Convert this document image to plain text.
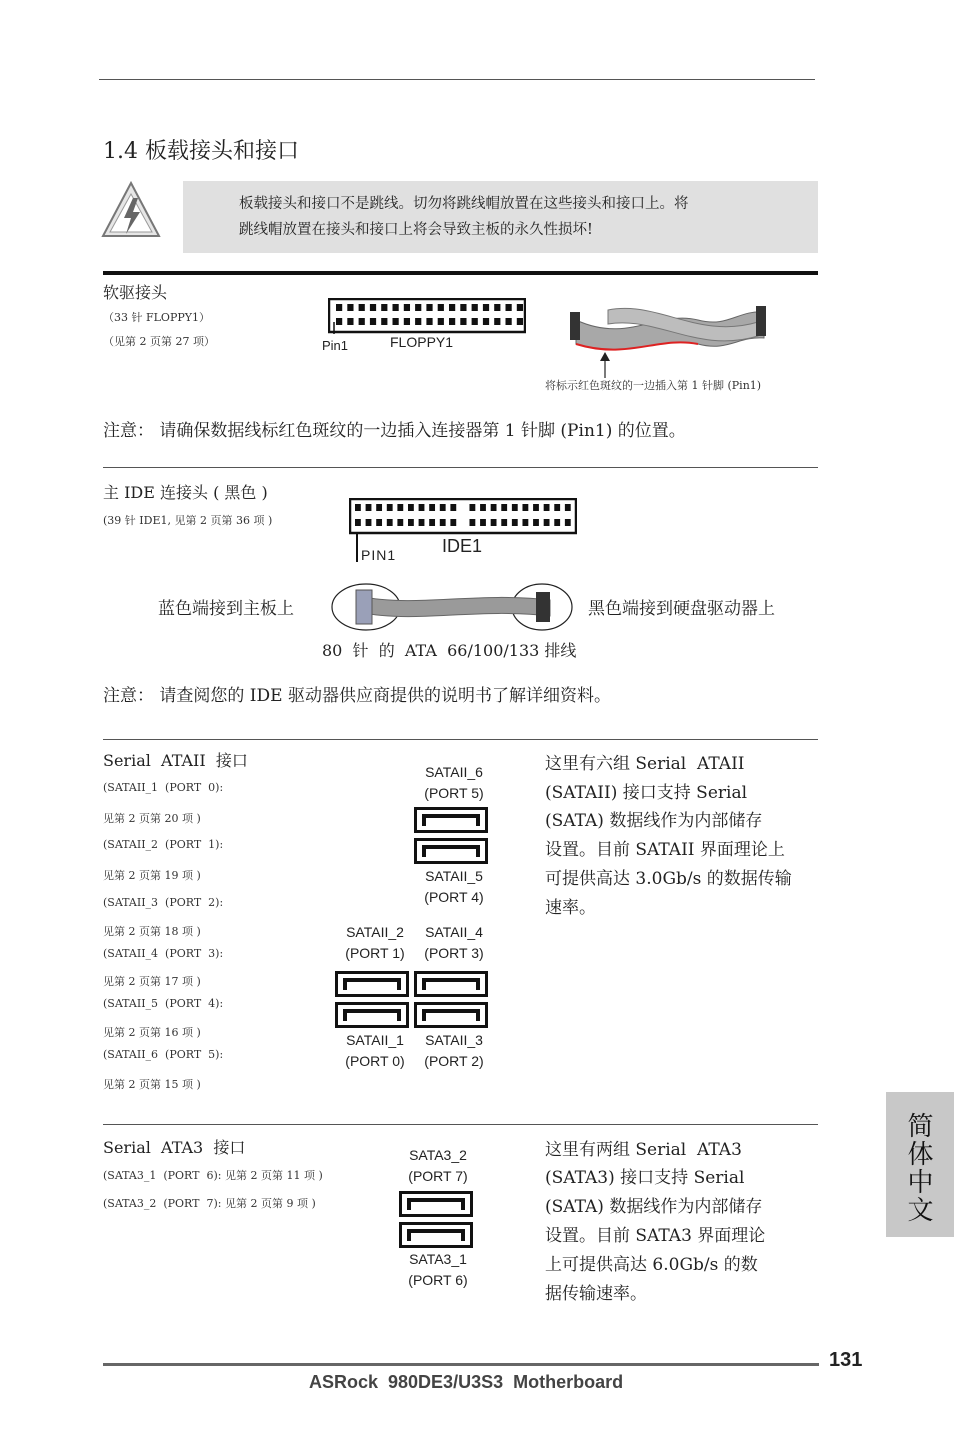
1.4 板载接头和接口
板载接头和接口不是跳线。切勿将跳线帽放置在这些接头和接口上。将
跳线帽放置在接头和接口上将会导致主板的永久性损坏!
软驱接头
（33 针 FLOPPY1）
（见第 2 页第 27 项）	Pin1	FLOPPY1
将标示红色斑纹的一边插入第 1 针脚 (Pin1)
注意： 请确保数据线标红色斑纹的一边插入连接器第 1 针脚 (Pin1) 的位置。
主 IDE 连接头 ( 黑色 )
(39 针 IDE1, 见第 2 页第 36 项 )
PIN1	IDE1
蓝色端接到主板上	黑色端接到硬盘驱动器上
80  针  的  ATA  66/100/133 排线
注意： 请查阅您的 IDE 驱动器供应商提供的说明书了解详细资料。
Serial  ATAII  接口
(SATAII_1  (PORT  0):
见第 2 页第 20 项 )
(SATAII_2  (PORT  1):
见第 2 页第 19 项 )
(SATAII_3  (PORT  2):
见第 2 页第 18 项 )
(SATAII_4  (PORT  3):
见第 2 页第 17 项 )
(SATAII_5  (PORT  4):
见第 2 页第 16 项 )
(SATAII_6  (PORT  5):
见第 2 页第 15 项 )
SATAII_6
(PORT 5)
SATAII_5
(PORT 4)
SATAII_2
(PORT 1)
SATAII_4
(PORT 3)
SATAII_1
(PORT 0)
SATAII_3
(PORT 2)
这里有六组 Serial  ATAII
(SATAII) 接口支持 Serial
(SATA) 数据线作为内部储存
设置。目前 SATAII 界面理论上
可提供高达 3.0Gb/s 的数据传输
速率。
Serial  ATA3  接口
(SATA3_1  (PORT  6): 见第 2 页第 11 项 )
(SATA3_2  (PORT  7): 见第 2 页第 9 项 )
SATA3_2
(PORT 7)
SATA3_1
(PORT 6)
这里有两组 Serial  ATA3
(SATA3) 接口支持 Serial
(SATA) 数据线作为内部储存
设置。目前 SATA3 界面理论
上可提供高达 6.0Gb/s 的数
据传输速率。
简体中文
131
ASRock  980DE3/U3S3  Motherboard
